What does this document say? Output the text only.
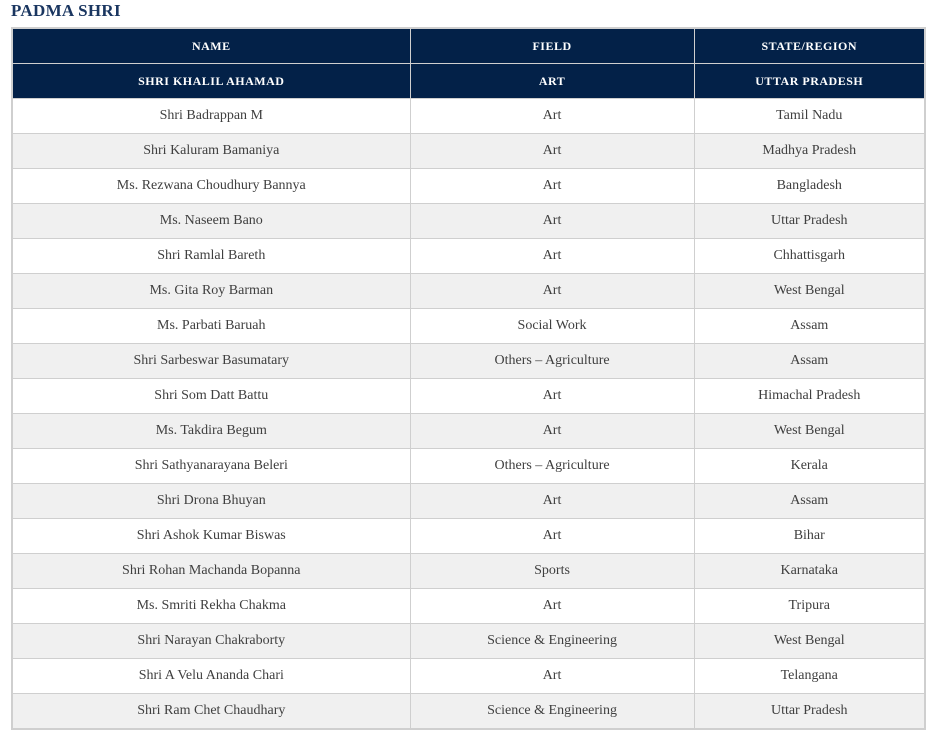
PADMA SHRI
NAME	FIELD	STATE/REGION
SHRI KHALIL AHAMAD	ART	UTTAR PRADESH
Shri Badrappan M	Art	Tamil Nadu
Shri Kaluram Bamaniya	Art	Madhya Pradesh
Ms. Rezwana Choudhury Bannya	Art	Bangladesh
Ms. Naseem Bano	Art	Uttar Pradesh
Shri Ramlal Bareth	Art	Chhattisgarh
Ms. Gita Roy Barman	Art	West Bengal
Ms. Parbati Baruah	Social Work	Assam
Shri Sarbeswar Basumatary	Others – Agriculture	Assam
Shri Som Datt Battu	Art	Himachal Pradesh
Ms. Takdira Begum	Art	West Bengal
Shri Sathyanarayana Beleri	Others – Agriculture	Kerala
Shri Drona Bhuyan	Art	Assam
Shri Ashok Kumar Biswas	Art	Bihar
Shri Rohan Machanda Bopanna	Sports	Karnataka
Ms. Smriti Rekha Chakma	Art	Tripura
Shri Narayan Chakraborty	Science & Engineering	West Bengal
Shri A Velu Ananda Chari	Art	Telangana
Shri Ram Chet Chaudhary	Science & Engineering	Uttar Pradesh
